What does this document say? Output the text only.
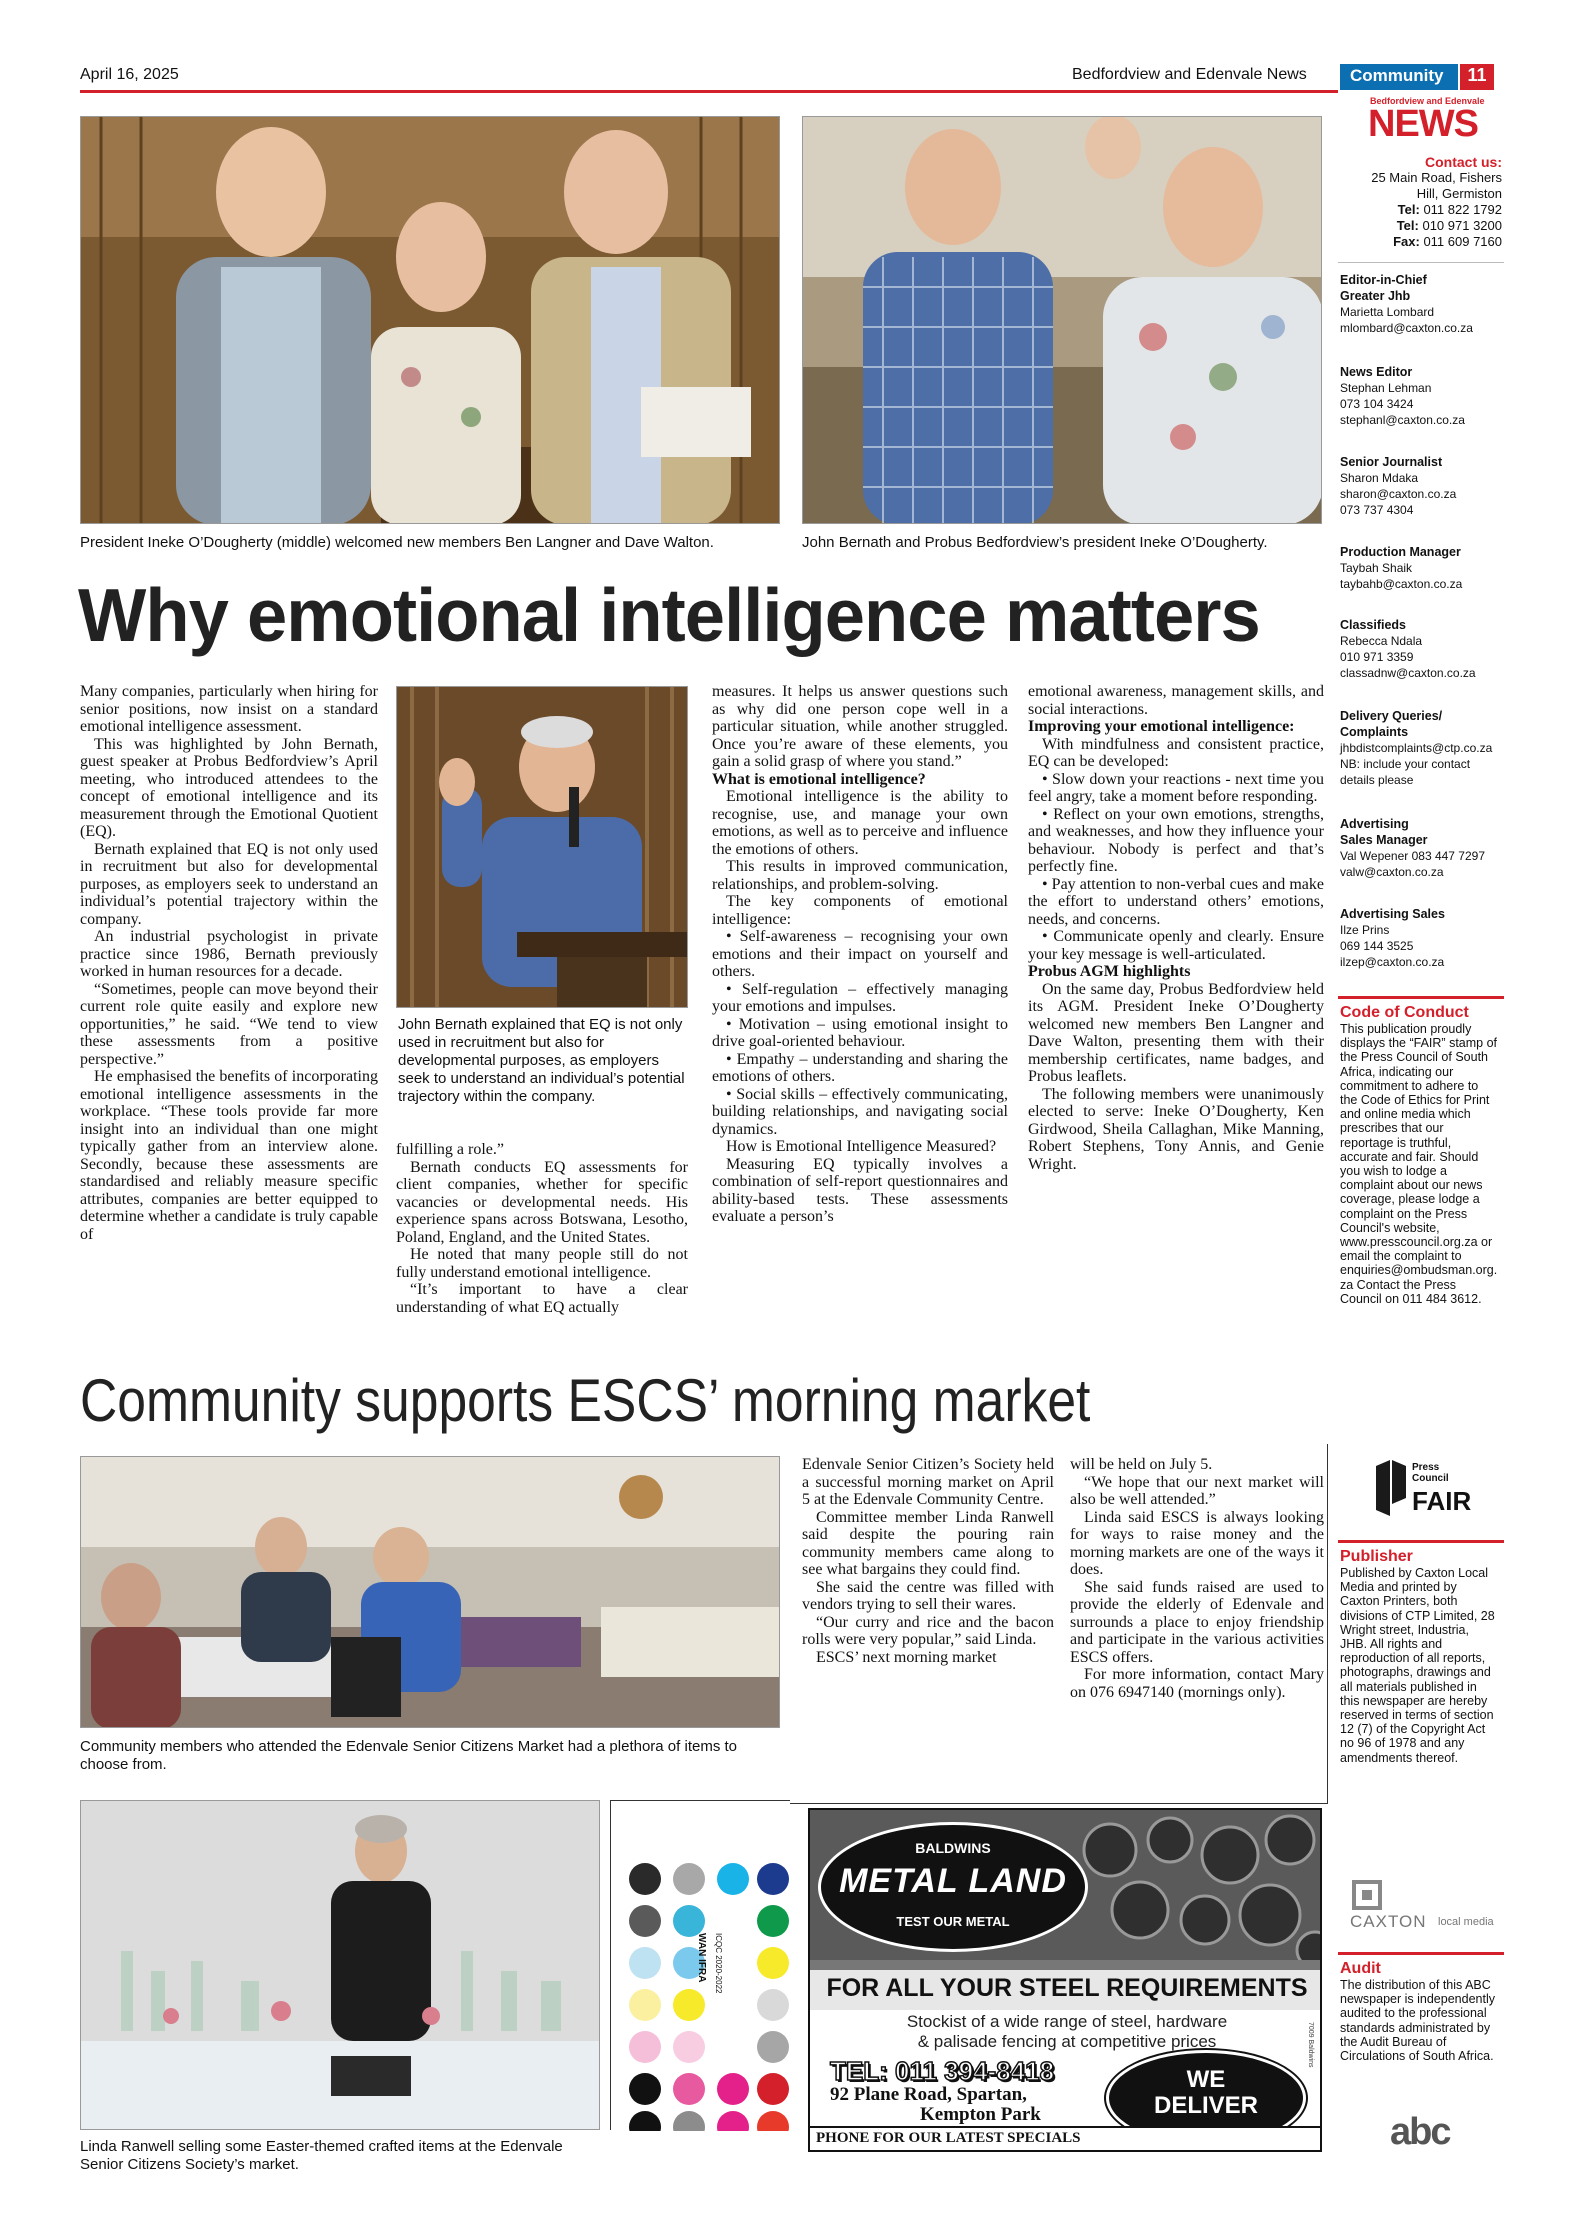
April 16, 2025	Bedfordview and Edenvale News	Community	11
President Ineke O’Dougherty (middle) welcomed new members Ben Langner and Dave Walton.	John Bernath and Probus Bedfordview’s president Ineke O’Dougherty.
Why emotional intelligence matters

Many companies, particularly when hiring for senior positions, now insist on a standard emotional intelligence assessment.

This was highlighted by John Bernath, guest speaker at Probus Bedfordview’s April meeting, who introduced attendees to the concept of emotional intelligence and its measurement through the Emotional Quotient (EQ).

Bernath explained that EQ is not only used in recruitment but also for developmental purposes, as employers seek to understand an individual’s potential trajectory within the company.

An industrial psychologist in private practice since 1986, Bernath previously worked in human resources for a decade.

“Sometimes, people can move beyond their current role quite easily and explore new opportunities,” he said. “We tend to view these assessments from a positive perspective.”

He emphasised the benefits of incorporating emotional intelligence assessments in the workplace. “These tools provide far more insight into an individual than one might typically gather from an interview alone. Secondly, because these assessments are standardised and reliably measure specific attributes, companies are better equipped to determine whether a candidate is truly capable of

John Bernath explained that EQ is not only used in recruitment but also for developmental purposes, as employers seek to understand an individual’s potential trajectory within the company.

fulfilling a role.”

Bernath conducts EQ assessments for client companies, whether for specific vacancies or developmental needs. His experience spans across Botswana, Lesotho, Poland, England, and the United States.

He noted that many people still do not fully understand emotional intelligence.

“It’s important to have a clear understanding of what EQ actually

measures. It helps us answer questions such as why did one person cope well in a particular situation, while another struggled. Once you’re aware of these elements, you gain a solid grasp of where you stand.”

What is emotional intelligence?

Emotional intelligence is the ability to recognise, use, and manage your own emotions, as well as to perceive and influence the emotions of others.

This results in improved communication, relationships, and problem-solving.

The key components of emotional intelligence:

• Self-awareness – recognising your own emotions and their impact on yourself and others.

• Self-regulation – effectively managing your emotions and impulses.

• Motivation – using emotional insight to drive goal-oriented behaviour.

• Empathy – understanding and sharing the emotions of others.

• Social skills – effectively communicating, building relationships, and navigating social dynamics.

How is Emotional Intelligence Measured?

Measuring EQ typically involves a combination of self-report questionnaires and ability-based tests. These assessments evaluate a person’s

emotional awareness, management skills, and social interactions.

Improving your emotional intelligence:

With mindfulness and consistent practice, EQ can be developed:

• Slow down your reactions - next time you feel angry, take a moment before responding.

• Reflect on your own emotions, strengths, and weaknesses, and how they influence your behaviour. Nobody is perfect and that’s perfectly fine.

• Pay attention to non-verbal cues and make the effort to understand others’ emotions, needs, and concerns.

• Communicate openly and clearly. Ensure your key message is well-articulated.

Probus AGM highlights

On the same day, Probus Bedfordview held its AGM. President Ineke O’Dougherty welcomed new members Ben Langner and Dave Walton, presenting them with their membership certificates, name badges, and Probus leaflets.

The following members were unanimously elected to serve: Ineke O’Dougherty, Ken Girdwood, Sheila Callaghan, Mike Manning, Robert Stephens, Tony Annis, and Genie Wright.

Community supports ESCS’ morning market
Community members who attended the Edenvale Senior Citizens Market had a plethora of items to choose from.

Edenvale Senior Citizen’s Society held a successful morning market on April 5 at the Edenvale Community Centre.

Committee member Linda Ranwell said despite the pouring rain community members came along to see what bargains they could find.

She said the centre was filled with vendors trying to sell their wares.

“Our curry and rice and the bacon rolls were very popular,” said Linda.

ESCS’ next morning market

will be held on July 5.

“We hope that our next market will also be well attended.”

Linda said ESCS is always looking for ways to raise money and the morning markets are one of the ways it does.

She said funds raised are used to provide the elderly of Edenvale and surrounds a place to enjoy friendship and participate in the various activities ESCS offers.

For more information, contact Mary on 076 6947140 (mornings only).

Linda Ranwell selling some Easter-themed crafted items at the Edenvale Senior Citizens Society’s market.
WAN IFRA ICQC 2020-2022
BALDWINS
METAL LAND
TEST OUR METAL
FOR ALL YOUR STEEL REQUIREMENTS
Stockist of a wide range of steel, hardware
& palisade fencing at competitive prices
TEL: 011 394-8418
92 Plane Road, Spartan,
Kempton Park
WE
DELIVER
7009 Baldwins
PHONE FOR OUR LATEST SPECIALS
Bedfordview and Edenvale
NEWS
Contact us:
25 Main Road, Fishers
Hill, Germiston
Tel: 011 822 1792
Tel: 010 971 3200
Fax: 011 609 7160
Editor-in-Chief
Greater Jhb
Marietta Lombard
mlombard@caxton.co.za
News Editor
Stephan Lehman
073 104 3424
stephanl@caxton.co.za
Senior Journalist
Sharon Mdaka
sharon@caxton.co.za
073 737 4304
Production Manager
Taybah Shaik
taybahb@caxton.co.za
Classifieds
Rebecca Ndala
010 971 3359
classadnw@caxton.co.za
Delivery Queries/
Complaints
jhbdistcomplaints@ctp.co.za
NB: include your contact
details please
Advertising
Sales Manager
Val Wepener 083 447 7297
valw@caxton.co.za
Advertising Sales
Ilze Prins
069 144 3525
ilzep@caxton.co.za
Code of Conduct
This publication proudly displays the “FAIR” stamp of the Press Council of South Africa, indicating our commitment to adhere to the Code of Ethics for Print and online media which prescribes that our reportage is truthful, accurate and fair. Should you wish to lodge a complaint about our news coverage, please lodge a complaint on the Press Council's website, www.presscouncil.org.za or email the complaint to enquiries@ombudsman.org.za Contact the Press Council on 011 484 3612.
Press Council
FAIR
Publisher
Published by Caxton Local Media and printed by Caxton Printers, both divisions of CTP Limited, 28 Wright street, Industria, JHB. All rights and reproduction of all reports, photographs, drawings and all materials published in this newspaper are hereby reserved in terms of section 12 (7) of the Copyright Act no 96 of 1978 and any amendments thereof.
CAXTON local media
Audit
The distribution of this ABC newspaper is independently audited to the professional standards administrated by the Audit Bureau of Circulations of South Africa.
abc
